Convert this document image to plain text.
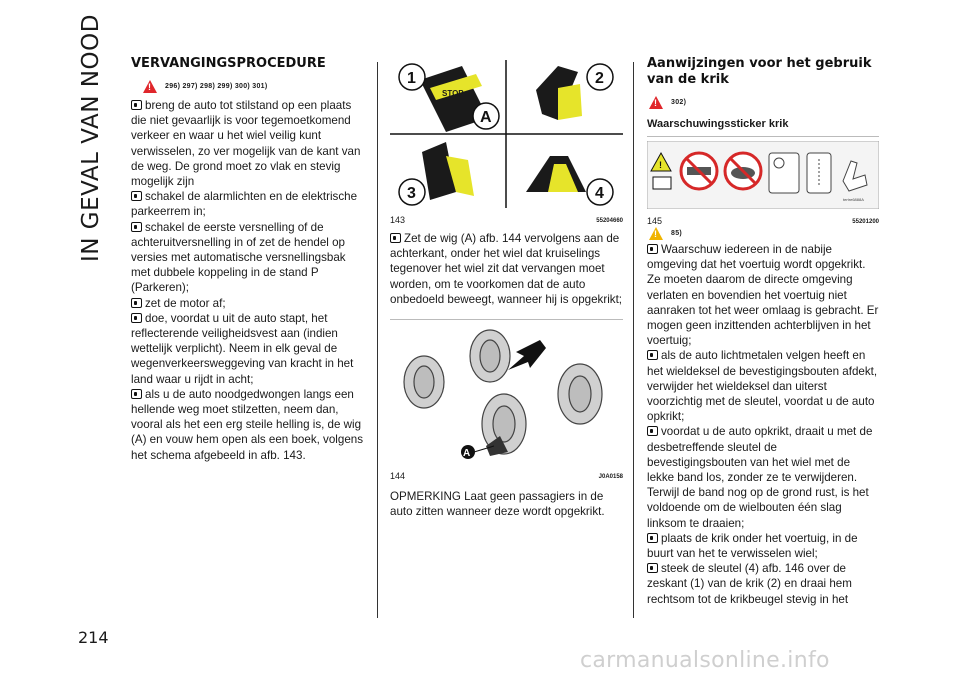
IN GEVAL VAN NOOD
214
VERVANGINGSPROCEDURE
!
296) 297) 298) 299) 300) 301)
breng de auto tot stilstand op een plaats die niet gevaarlijk is voor tegemoetkomend verkeer en waar u het wiel veilig kunt verwisselen, zo ver mogelijk van de kant van de weg. De grond moet zo vlak en stevig mogelijk zijn
schakel de alarmlichten en de elektrische parkeerrem in;
schakel de eerste versnelling of de achteruitversnelling in of zet de hendel op versies met automatische versnellingsbak met dubbele koppeling in de stand P (Parkeren);
zet de motor af;
doe, voordat u uit de auto stapt, het reflecterende veiligheidsvest aan (indien wettelijk verplicht). Neem in elk geval de wegenverkeersweggeving van kracht in het land waar u rijdt in acht;
als u de auto noodgedwongen langs een hellende weg moet stilzetten, neem dan, vooral als het een erg steile helling is, de wig (A) en vouw hem open als een boek, volgens het schema afgebeeld in afb. 143.
STOP
1	2
3	4
A
143	55204660
Zet de wig (A) afb. 144 vervolgens aan de achterkant, onder het wiel dat kruiselings tegenover het wiel zit dat vervangen moet worden, om te voorkomen dat de auto onbedoeld beweegt, wanneer hij is opgekrikt;
A
144	J0A0158
OPMERKING Laat geen passagiers in de auto zitten wanneer deze wordt opgekrikt.
Aanwijzingen voor het gebruik van de krik
!
302)
Waarschuwingssticker krik
!
tertre6888A
145	55201200
!
85)
Waarschuw iedereen in de nabije omgeving dat het voertuig wordt opgekrikt. Ze moeten daarom de directe omgeving verlaten en bovendien het voertuig niet aanraken tot het weer omlaag is gebracht. Er mogen geen inzittenden achterblijven in het voertuig;
als de auto lichtmetalen velgen heeft en het wieldeksel de bevestigingsbouten afdekt, verwijder het wieldeksel dan uiterst voorzichtig met de sleutel, voordat u de auto opkrikt;
voordat u de auto opkrikt, draait u met de desbetreffende sleutel de bevestigingsbouten van het wiel met de lekke band los, zonder ze te verwijderen. Terwijl de band nog op de grond rust, is het voldoende om de wielbouten één slag linksom te draaien;
plaats de krik onder het voertuig, in de buurt van het te verwisselen wiel;
steek de sleutel (4) afb. 146 over de zeskant (1) van de krik (2) en draai hem rechtsom tot de krikbeugel stevig in het
carmanualsonline.info
